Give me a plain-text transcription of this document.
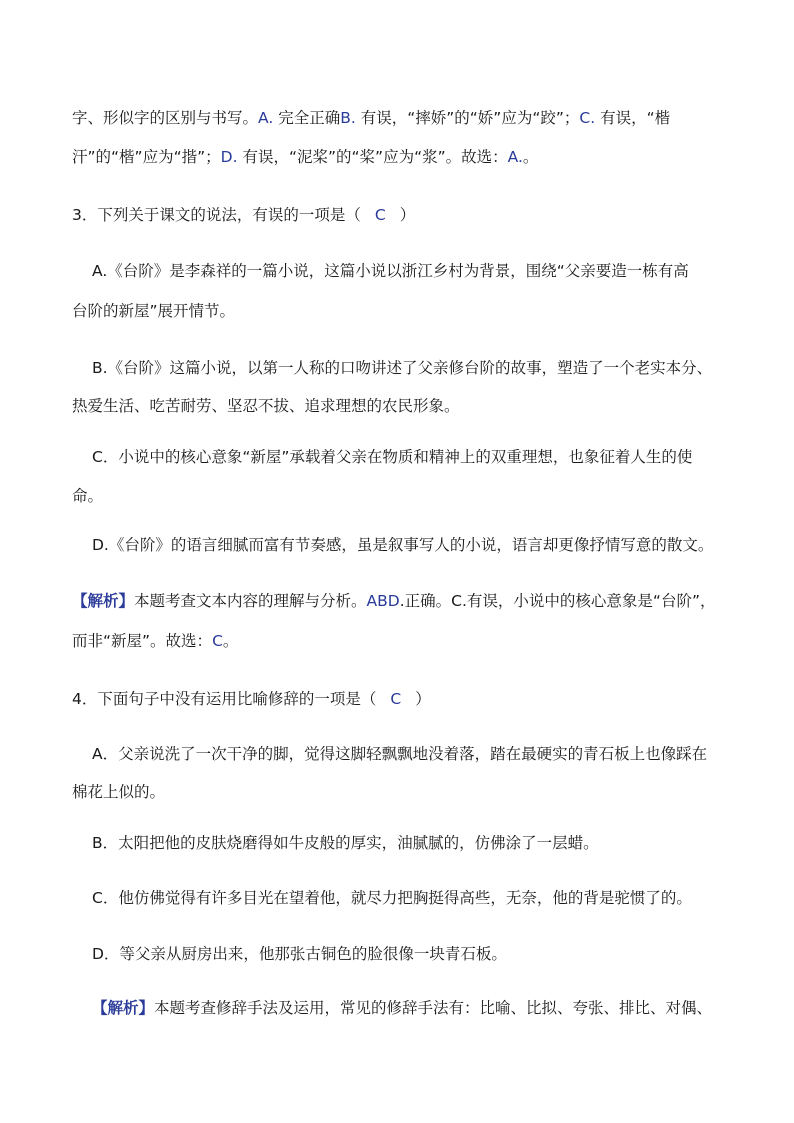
字、形似字的区别与书写。A. 完全正确B. 有误，“摔娇”的“娇”应为“跤”；C. 有误，“楷
汗”的“楷”应为“揩”；D. 有误，“泥桨”的“桨”应为“浆”。故选：A.。
3．下列关于课文的说法，有误的一项是（ C ）
A.《台阶》是李森祥的一篇小说，这篇小说以浙江乡村为背景，围绕“父亲要造一栋有高
台阶的新屋”展开情节。
B.《台阶》这篇小说，以第一人称的口吻讲述了父亲修台阶的故事，塑造了一个老实本分、
热爱生活、吃苦耐劳、坚忍不拔、追求理想的农民形象。
C．小说中的核心意象“新屋”承载着父亲在物质和精神上的双重理想，也象征着人生的使
命。
D.《台阶》的语言细腻而富有节奏感，虽是叙事写人的小说，语言却更像抒情写意的散文。
【解析】本题考查文本内容的理解与分析。ABD.正确。C.有误，小说中的核心意象是“台阶”，
而非“新屋”。故选：C。
4．下面句子中没有运用比喻修辞的一项是（ C ）
A．父亲说洗了一次干净的脚，觉得这脚轻飘飘地没着落，踏在最硬实的青石板上也像踩在
棉花上似的。
B．太阳把他的皮肤烧磨得如牛皮般的厚实，油腻腻的，仿佛涂了一层蜡。
C．他仿佛觉得有许多目光在望着他，就尽力把胸挺得高些，无奈，他的背是驼惯了的。
D．等父亲从厨房出来，他那张古铜色的脸很像一块青石板。
【解析】本题考查修辞手法及运用，常见的修辞手法有：比喻、比拟、夸张、排比、对偶、
